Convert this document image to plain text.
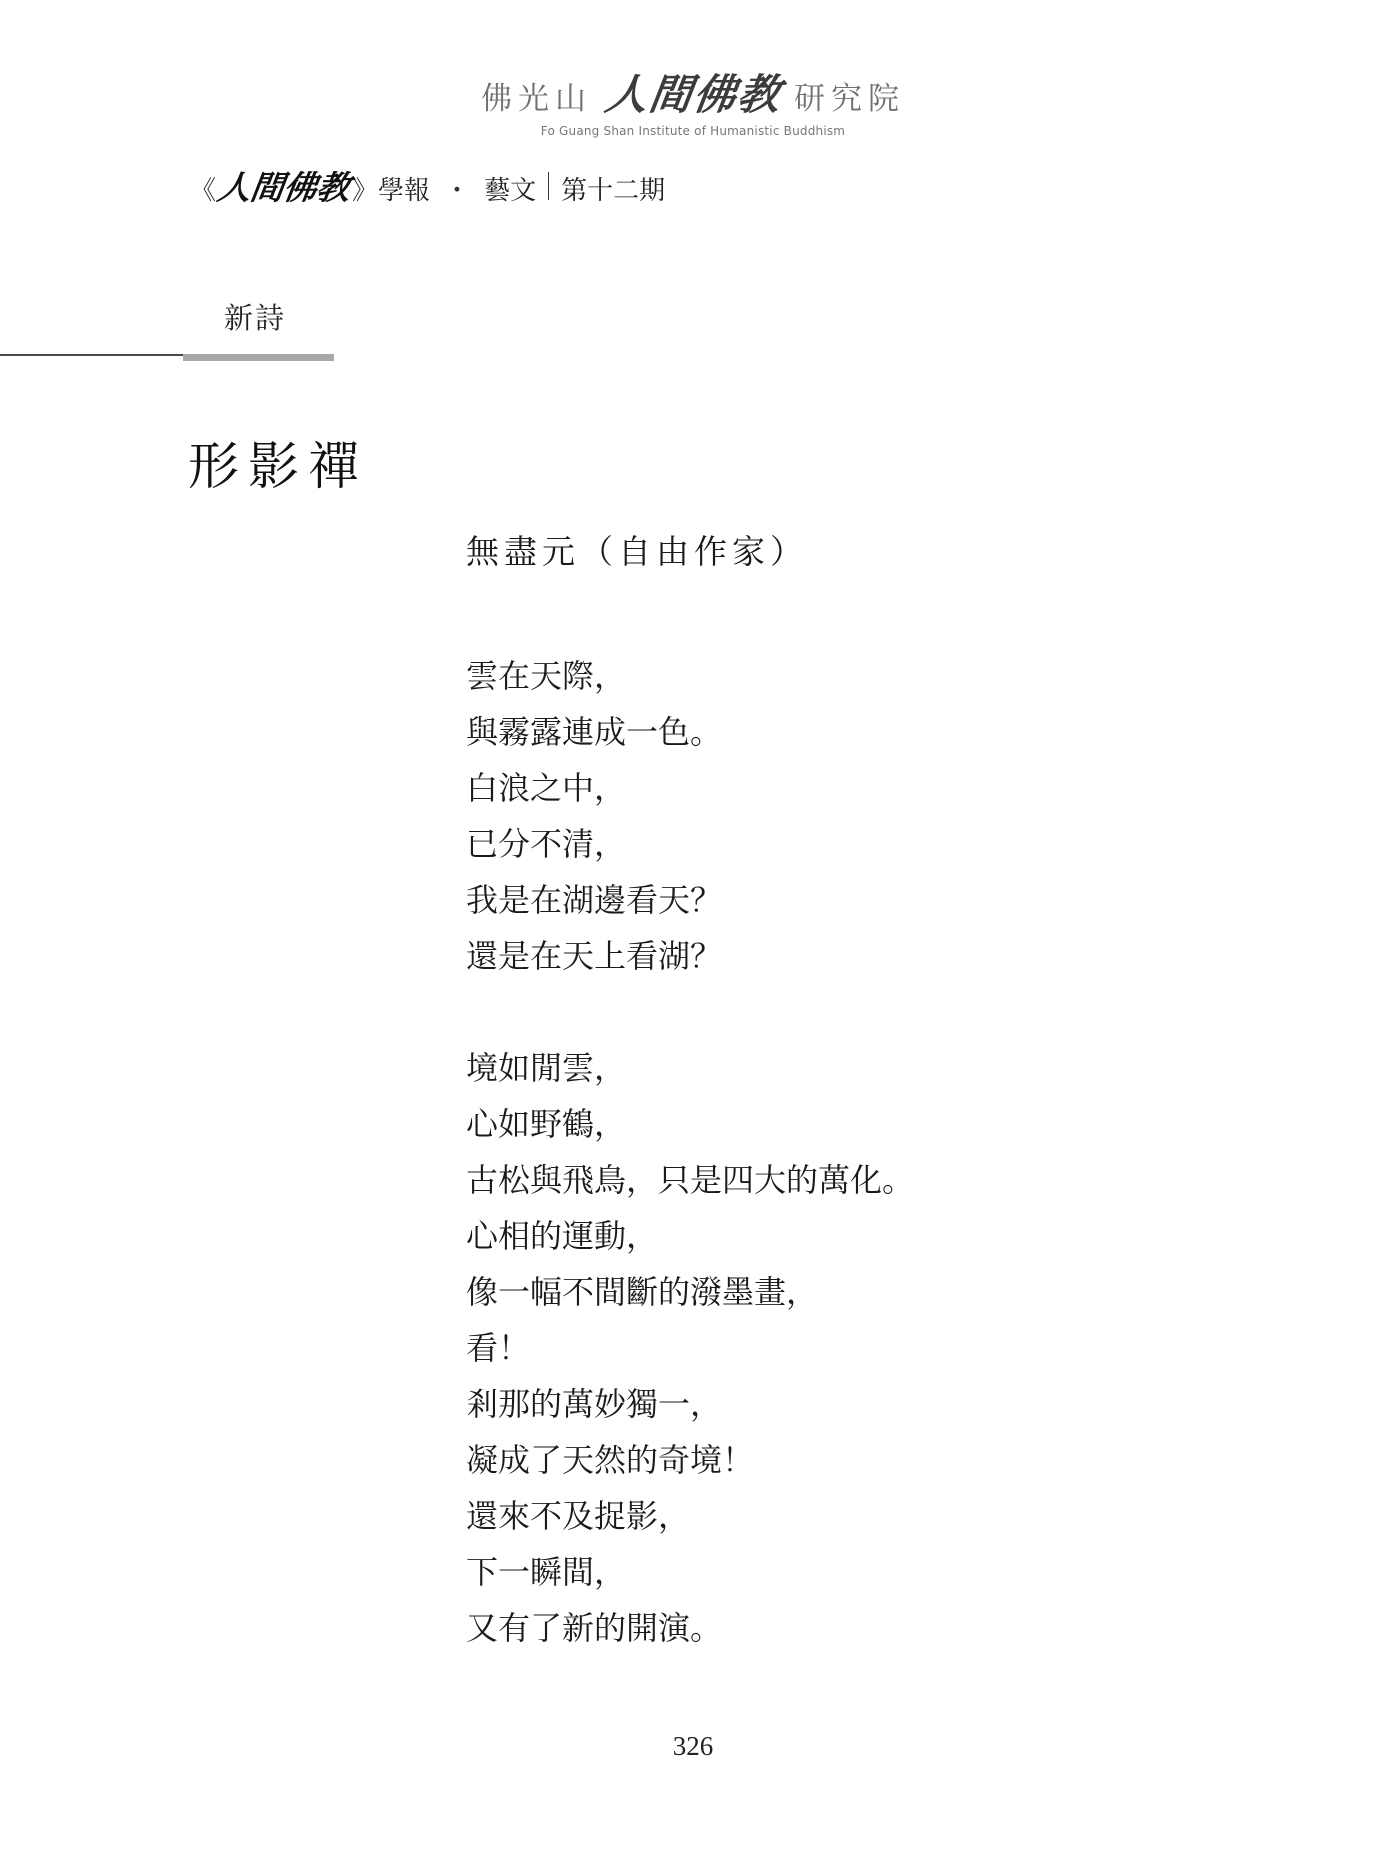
佛光山 人間佛教 研究院
Fo Guang Shan Institute of Humanistic Buddhism
《
人間佛教 》 學報 ・ 藝文 第十二期
新詩
形影禪
無盡元（自由作家）
雲在天際，
與霧露連成一色。
白浪之中，
已分不清，
我是在湖邊看天？
還是在天上看湖？
境如閒雲，
心如野鶴，
古松與飛鳥，只是四大的萬化。
心相的運動，
像一幅不間斷的潑墨畫，
看！
剎那的萬妙獨一，
凝成了天然的奇境！
還來不及捉影，
下一瞬間，
又有了新的開演。
326
